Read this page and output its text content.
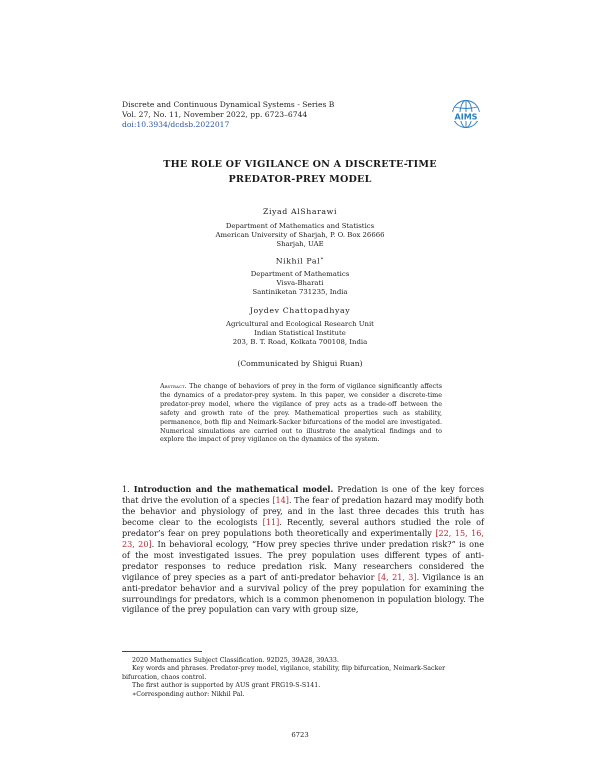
Discrete and Continuous Dynamical Systems - Series B
Vol. 27, No. 11, November 2022, pp. 6723–6744
doi:10.3934/dcdsb.2022017
AIMS
THE ROLE OF VIGILANCE ON A DISCRETE-TIME
PREDATOR-PREY MODEL
Ziyad AlSharawi
Department of Mathematics and Statistics
American University of Sharjah, P. O. Box 26666
Sharjah, UAE
Nikhil Pal∗
Department of Mathematics
Visva-Bharati
Santiniketan 731235, India
Joydev Chattopadhyay
Agricultural and Ecological Research Unit
Indian Statistical Institute
203, B. T. Road, Kolkata 700108, India
(Communicated by Shigui Ruan)
Abstract. The change of behaviors of prey in the form of vigilance significantly affects the dynamics of a predator-prey system. In this paper, we consider a discrete-time predator-prey model, where the vigilance of prey acts as a trade-off between the safety and growth rate of the prey. Mathematical properties such as stability, permanence, both flip and Neimark-Sacker bifurcations of the model are investigated. Numerical simulations are carried out to illustrate the analytical findings and to explore the impact of prey vigilance on the dynamics of the system.
1. Introduction and the mathematical model. Predation is one of the key forces that drive the evolution of a species [14]. The fear of predation hazard may modify both the behavior and physiology of prey, and in the last three decades this truth has become clear to the ecologists [11]. Recently, several authors studied the role of predator’s fear on prey populations both theoretically and experimentally [22, 15, 16, 23, 20]. In behavioral ecology, “How prey species thrive under predation risk?” is one of the most investigated issues. The prey population uses different types of anti-predator responses to reduce predation risk. Many researchers considered the vigilance of prey species as a part of anti-predator behavior [4, 21, 3]. Vigilance is an anti-predator behavior and a survival policy of the prey population for examining the surroundings for predators, which is a common phenomenon in population biology. The vigilance of the prey population can vary with group size,

2020 Mathematics Subject Classification. 92D25, 39A28, 39A33.

Key words and phrases. Predator-prey model, vigilance, stability, flip bifurcation, Neimark-Sacker bifurcation, chaos control.

The first author is supported by AUS grant FRG19-S-S141.

∗Corresponding author: Nikhil Pal.

6723
